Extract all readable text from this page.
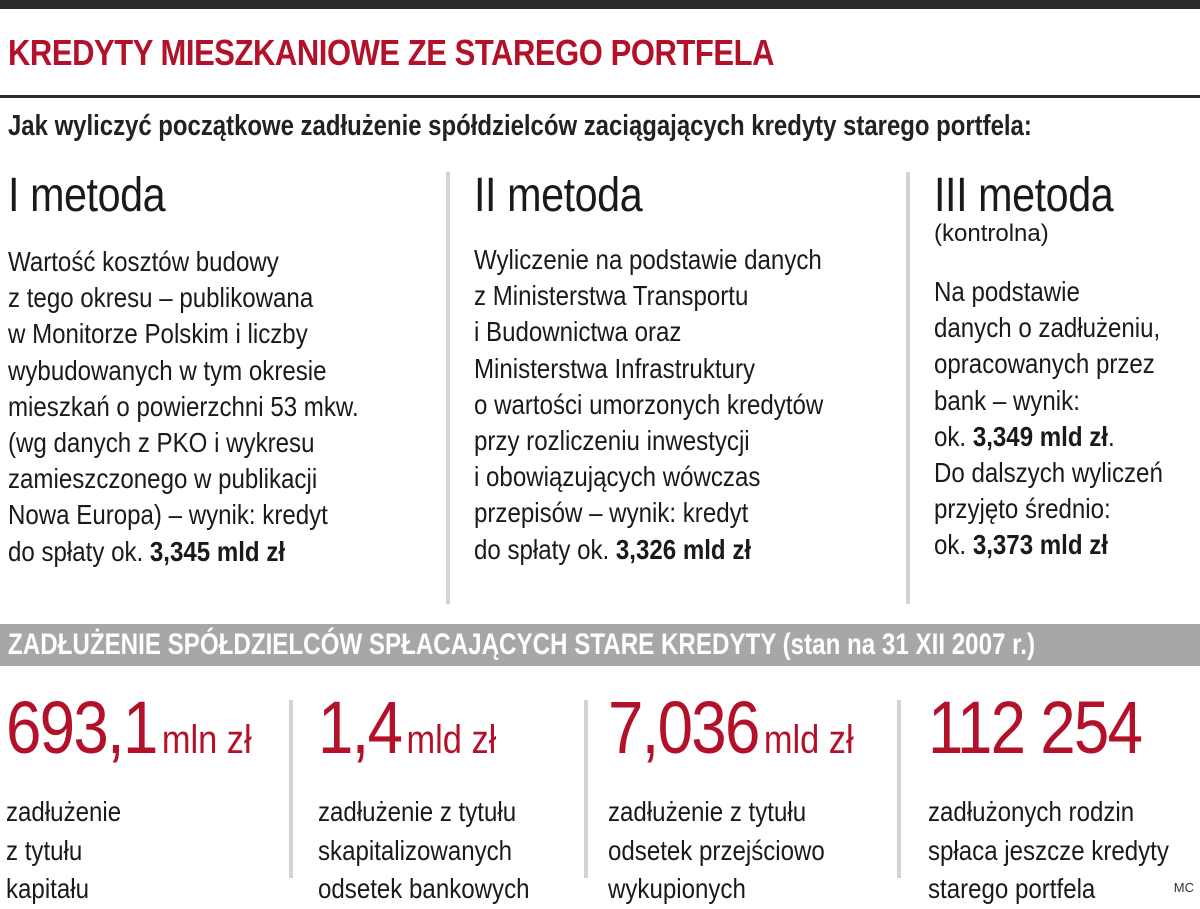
KREDYTY MIESZKANIOWE ZE STAREGO PORTFELA
Jak wyliczyć początkowe zadłużenie spółdzielców zaciągających kredyty starego portfela:
I metoda
Wartość kosztów budowy
z tego okresu – publikowana
w Monitorze Polskim i liczby
wybudowanych w tym okresie
mieszkań o powierzchni 53 mkw.
(wg danych z PKO i wykresu
zamieszczonego w publikacji
Nowa Europa) – wynik: kredyt
do spłaty ok. 3,345 mld zł
II metoda
Wyliczenie na podstawie danych
z Ministerstwa Transportu
i Budownictwa oraz
Ministerstwa Infrastruktury
o wartości umorzonych kredytów
przy rozliczeniu inwestycji
i obowiązujących wówczas
przepisów – wynik: kredyt
do spłaty ok. 3,326 mld zł
III metoda
(kontrolna)
Na podstawie
danych o zadłużeniu,
opracowanych przez
bank – wynik:
ok. 3,349 mld zł.
Do dalszych wyliczeń
przyjęto średnio:
ok. 3,373 mld zł
ZADŁUŻENIE SPÓŁDZIELCÓW SPŁACAJĄCYCH STARE KREDYTY (stan na 31 XII 2007 r.)
693,1 mln zł
zadłużenie
z tytułu
kapitału
1,4 mld zł
zadłużenie z tytułu
skapitalizowanych
odsetek bankowych
7,036 mld zł
zadłużenie z tytułu
odsetek przejściowo
wykupionych
112 254
zadłużonych rodzin
spłaca jeszcze kredyty
starego portfela	MC
